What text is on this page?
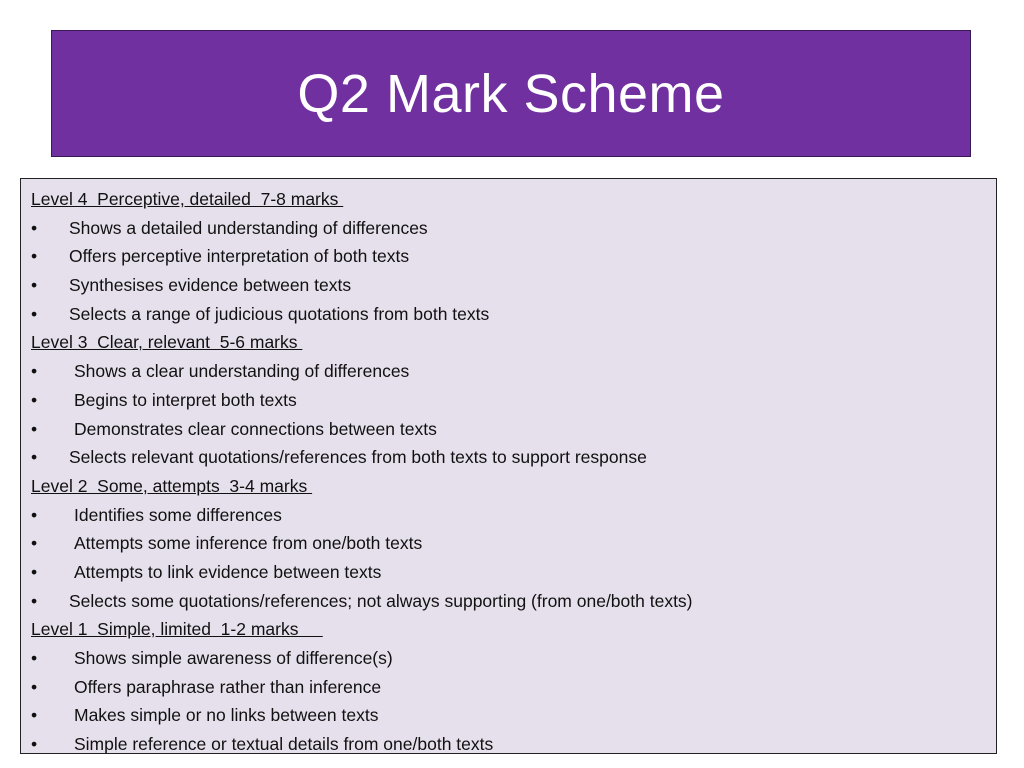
Q2 Mark Scheme
Level 4  Perceptive, detailed  7-8 marks
• Shows a detailed understanding of differences
• Offers perceptive interpretation of both texts
• Synthesises evidence between texts
• Selects a range of judicious quotations from both texts
Level 3  Clear, relevant  5-6 marks
• Shows a clear understanding of differences
• Begins to interpret both texts
• Demonstrates clear connections between texts
• Selects relevant quotations/references from both texts to support response
Level 2  Some, attempts  3-4 marks
• Identifies some differences
• Attempts some inference from one/both texts
• Attempts to link evidence between texts
• Selects some quotations/references; not always supporting (from one/both texts)
Level 1  Simple, limited  1-2 marks
• Shows simple awareness of difference(s)
• Offers paraphrase rather than inference
• Makes simple or no links between texts
• Simple reference or textual details from one/both texts
